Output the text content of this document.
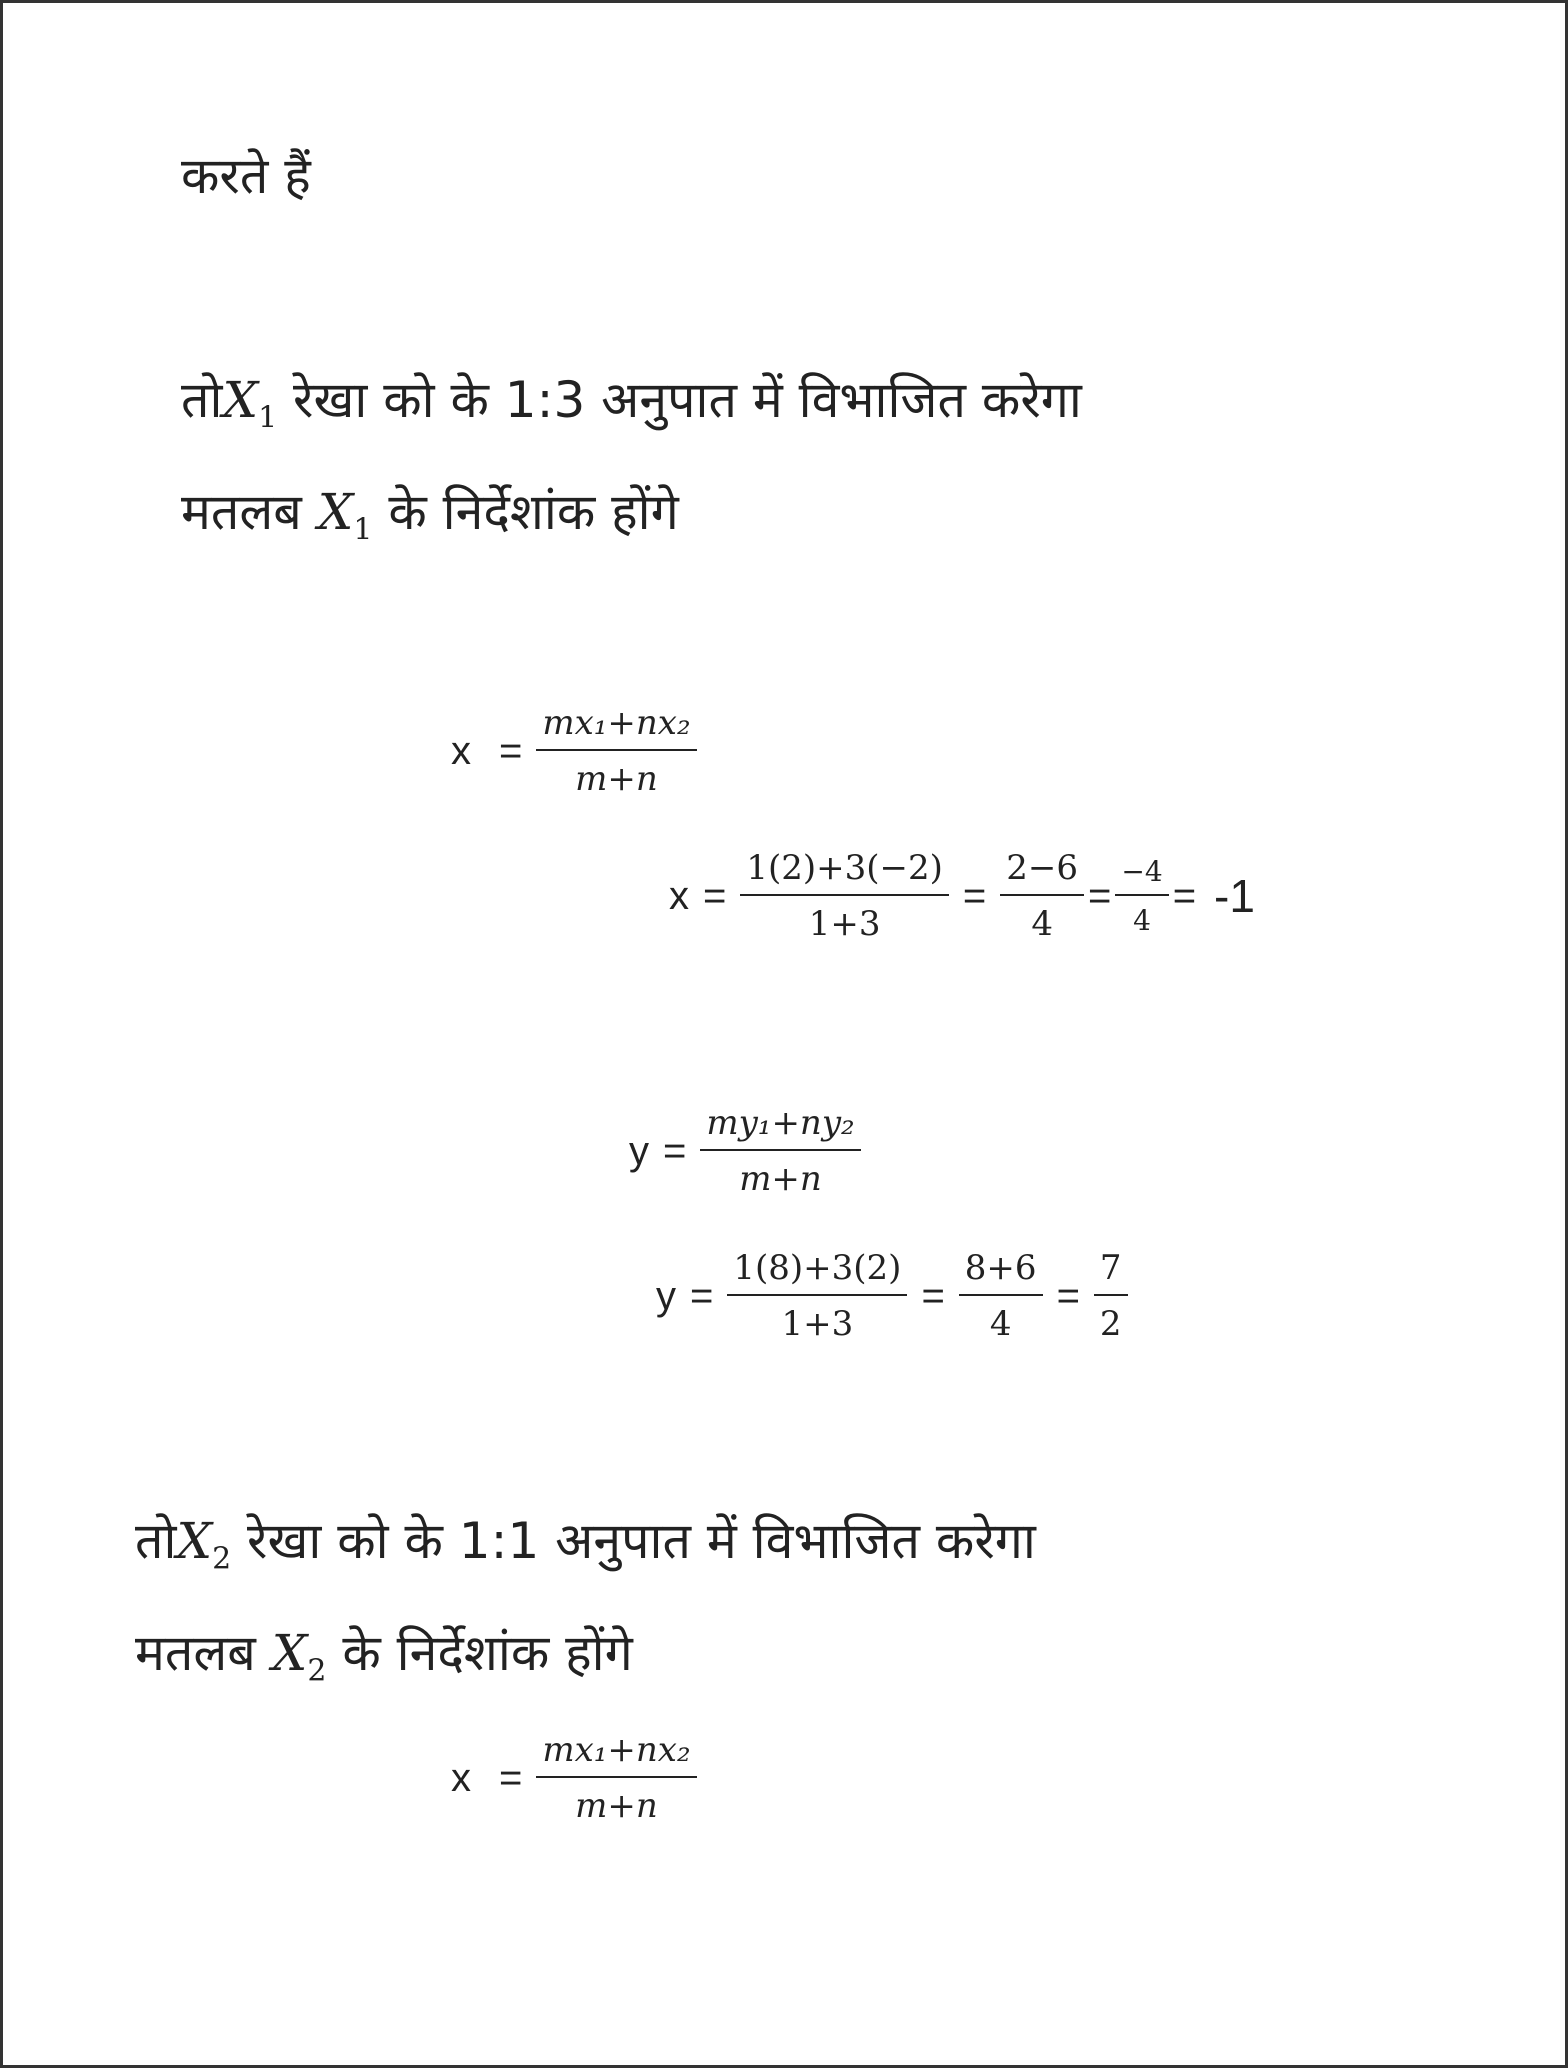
करते हैं
$तोX_1$ रेखा को के 1:3 अनुपात में विभाजित करेगा
मतलब $X_1$ के निर्देशांक होंगे
$x = \frac{\text{mx₁+nx₂}}{m+n}$
$x = \frac{1(2)+3(-2)}{1+3} = \frac{2-6}{4} = \frac{-4}{4} = -1$
$y = \frac{\text{my₁+ny₂}}{m+n}$
$y = \frac{1(8)+3(2)}{1+3} = \frac{8+6}{4} = \frac{7}{2}$
$तोX_2$ रेखा को के 1:1 अनुपात में विभाजित करेगा
मतलब $X_2$ के निर्देशांक होंगे
$x = \frac{\text{mx₁+nx₂}}{m+n}$
